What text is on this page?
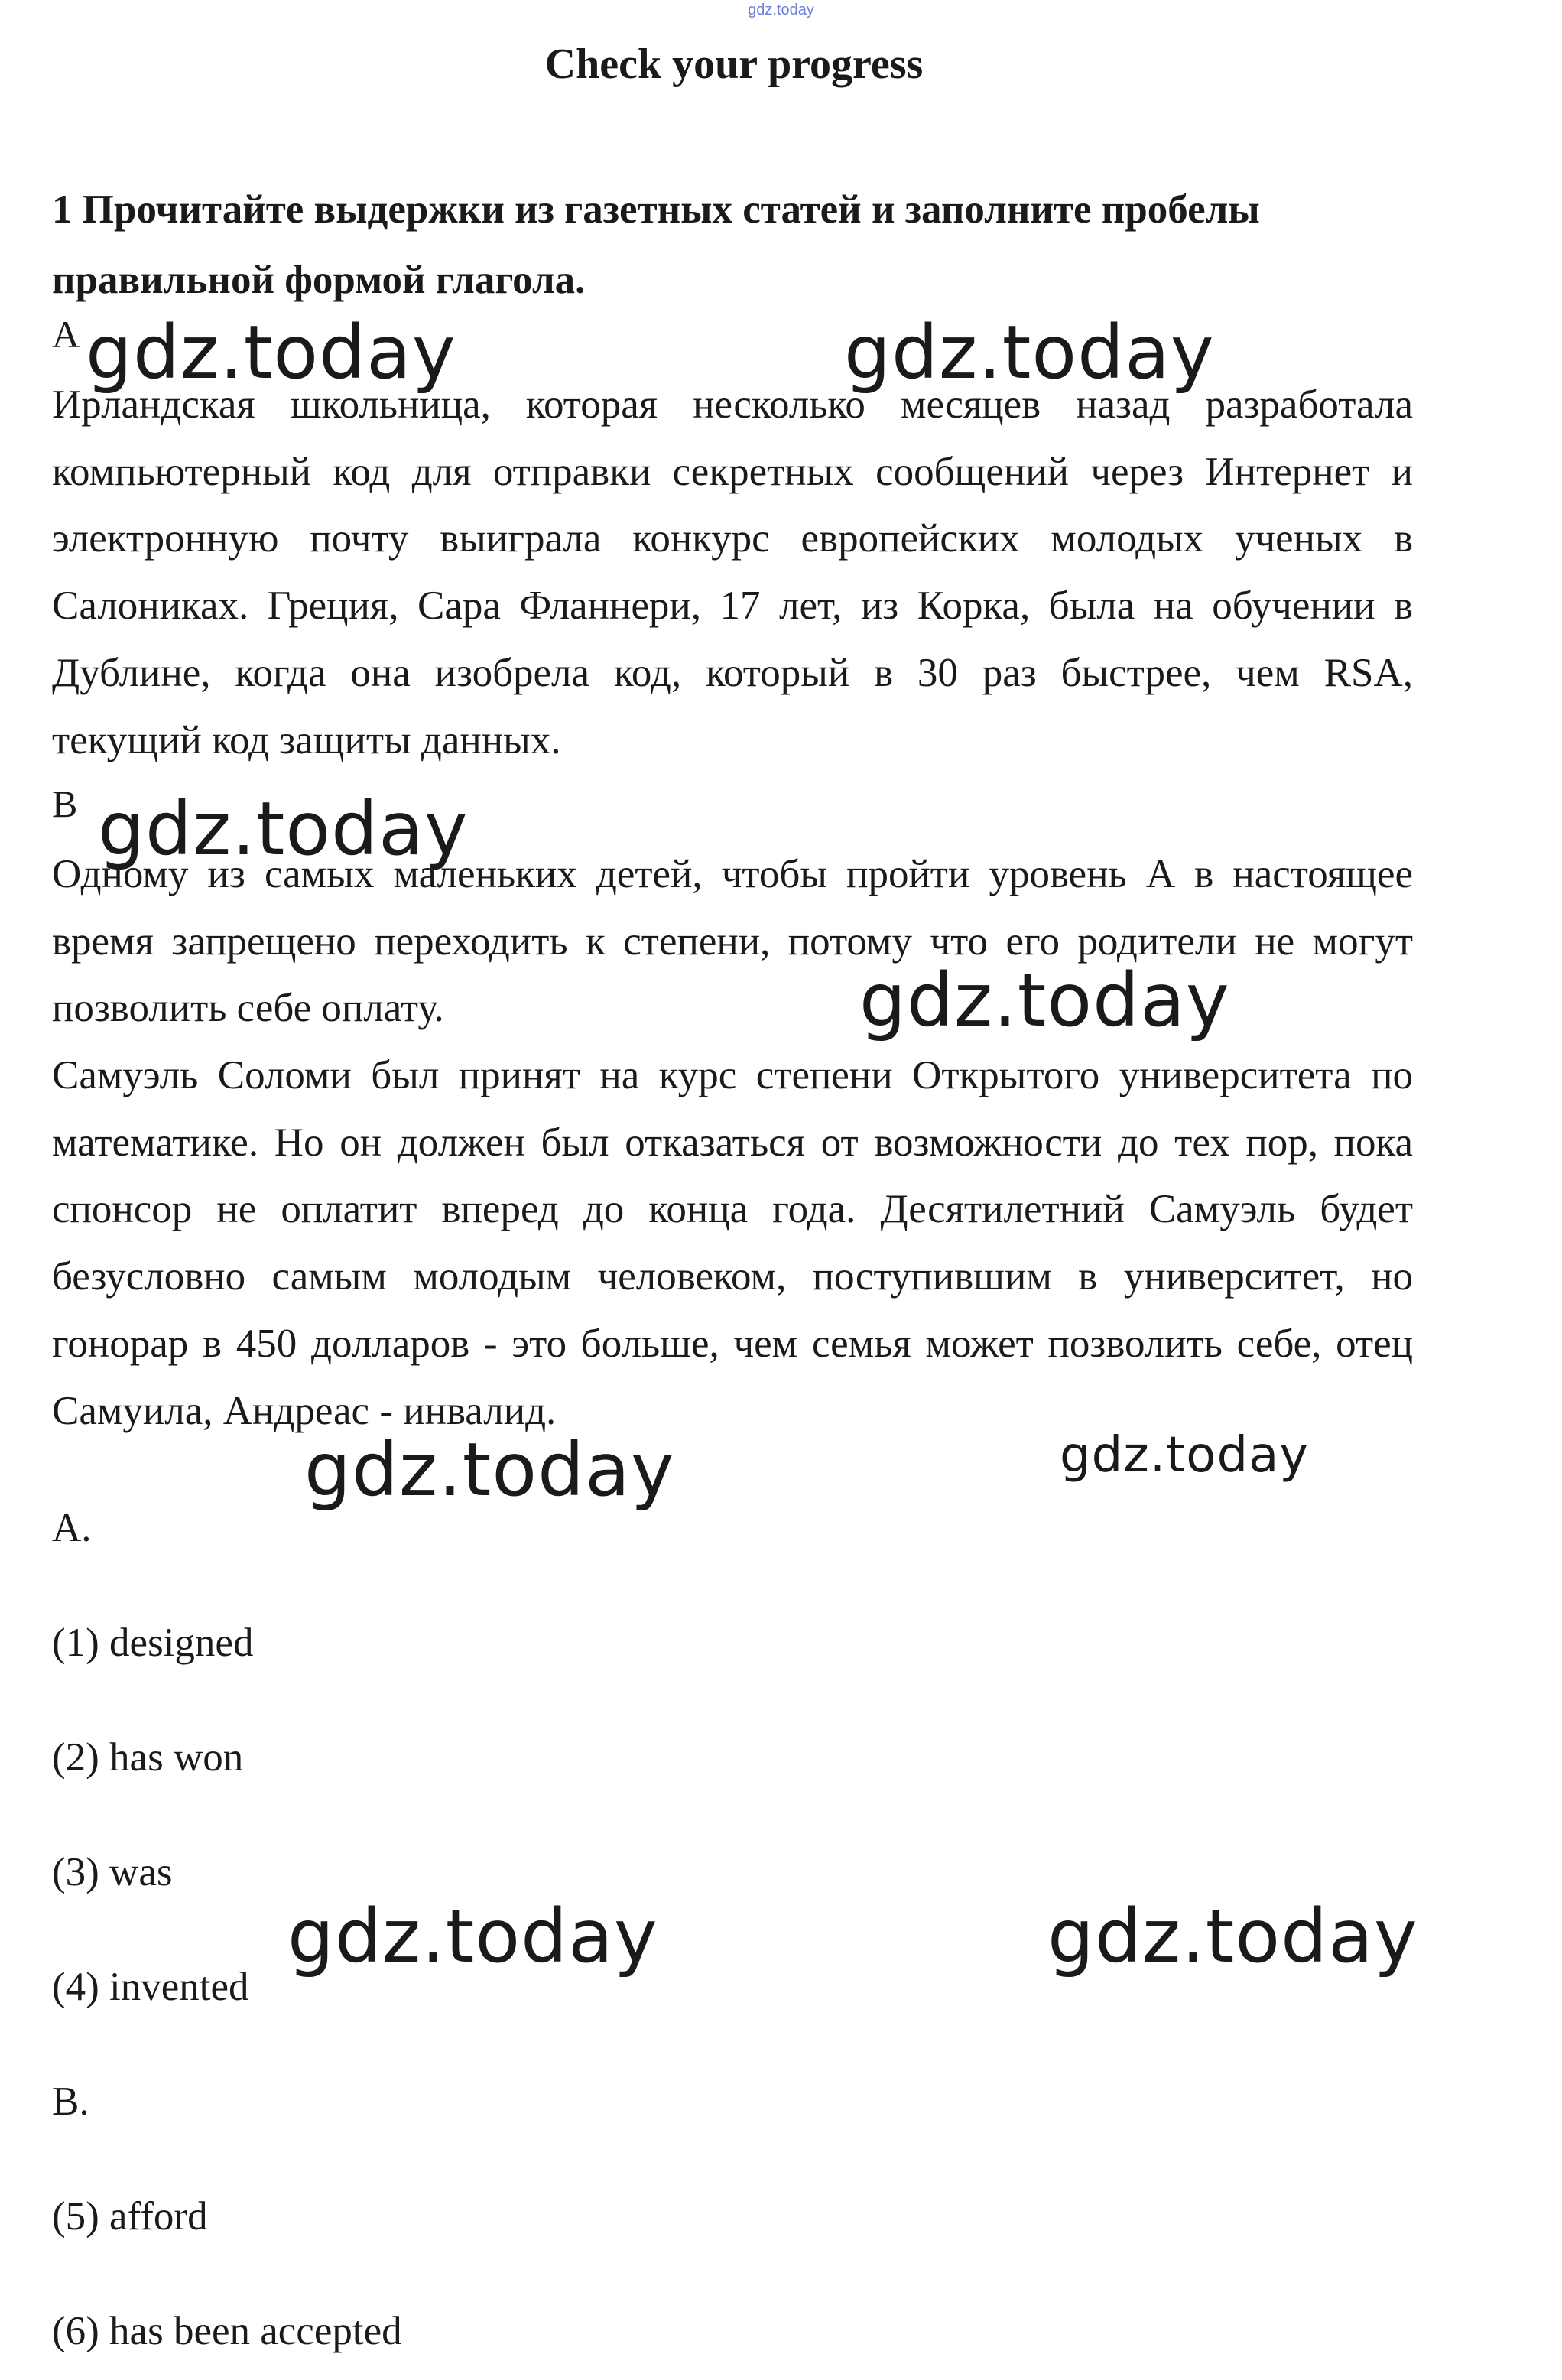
gdz.today
Check your progress
1 Прочитайте выдержки из газетных статей и заполните пробелы правильной формой глагола.
A
Ирландская школьница, которая несколько месяцев назад разработала компьютерный код для отправки секретных сообщений через Интернет и электронную почту выиграла конкурс европейских молодых ученых в Салониках. Греция, Сара Фланнери, 17 лет, из Корка, была на обучении в Дублине, когда она изобрела код, который в 30 раз быстрее, чем RSA, текущий код защиты данных.
B
Одному из самых маленьких детей, чтобы пройти уровень А в настоящее время запрещено переходить к степени, потому что его родители не могут позволить себе оплату.
Самуэль Соломи был принят на курс степени Открытого университета по математике. Но он должен был отказаться от возможности до тех пор, пока спонсор не оплатит вперед до конца года. Десятилетний Самуэль будет безусловно самым молодым человеком, поступившим в университет, но гонорар в 450 долларов - это больше, чем семья может позволить себе, отец Самуила, Андреас - инвалид.
A.
(1) designed
(2) has won
(3) was
(4) invented
B.
(5) afford
(6) has been accepted
gdz.today	gdz.today
gdz.today
gdz.today
gdz.today	gdz.today
gdz.today	gdz.today
